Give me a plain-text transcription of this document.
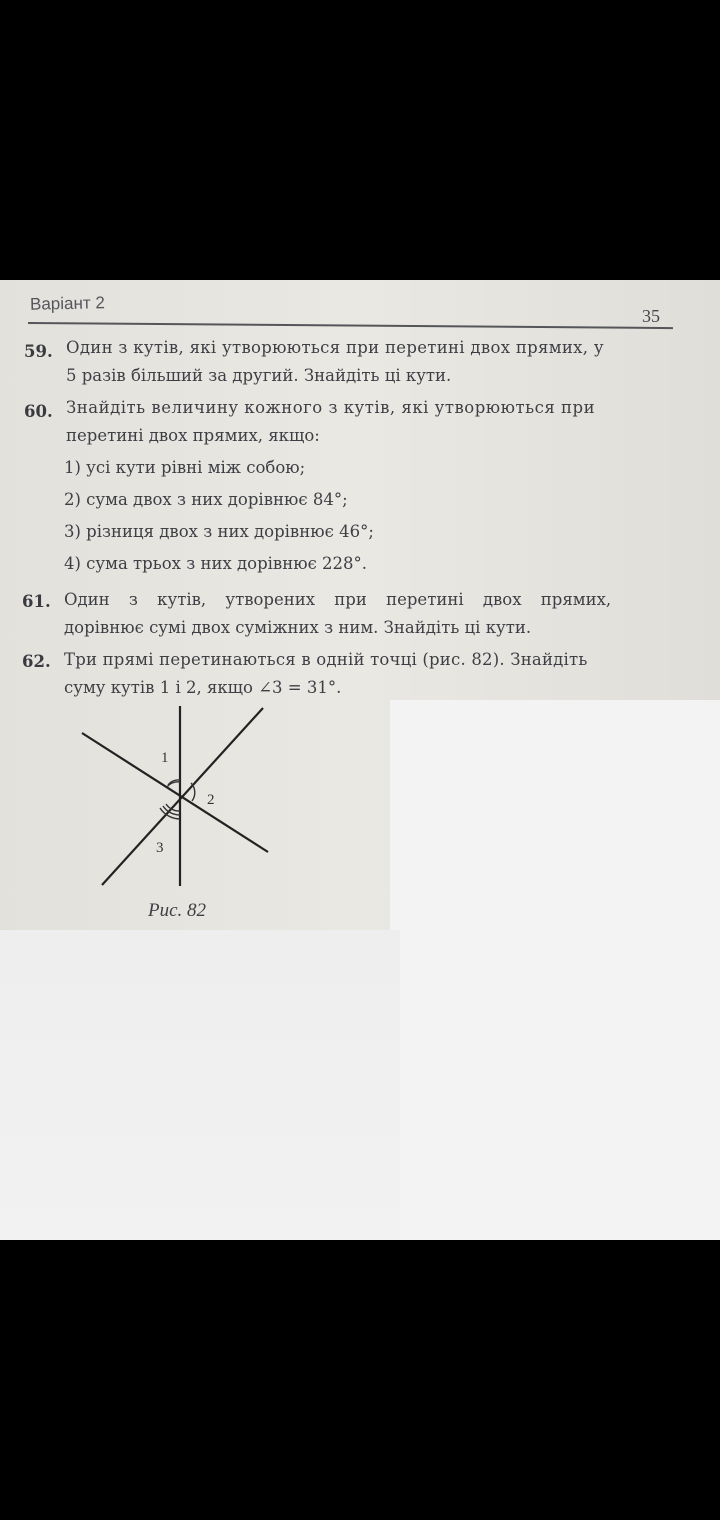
Варіант 2
35
59. Один з кутів, які утворюються при перетині двох прямих, у
5 разів більший за другий. Знайдіть ці кути.
60. Знайдіть величину кожного з кутів, які утворюються при
перетині двох прямих, якщо:
1) усі кути рівні між собою;
2) сума двох з них дорівнює 84°;
3) різниця двох з них дорівнює 46°;
4) сума трьох з них дорівнює 228°.
61. Один з кутів, утворених при перетині двох прямих,
дорівнює сумі двох суміжних з ним. Знайдіть ці кути.
62. Три прямі перетинаються в одній точці (рис. 82). Знайдіть
суму кутів 1 і 2, якщо ∠3 = 31°.
1
2
3
Рис. 82
